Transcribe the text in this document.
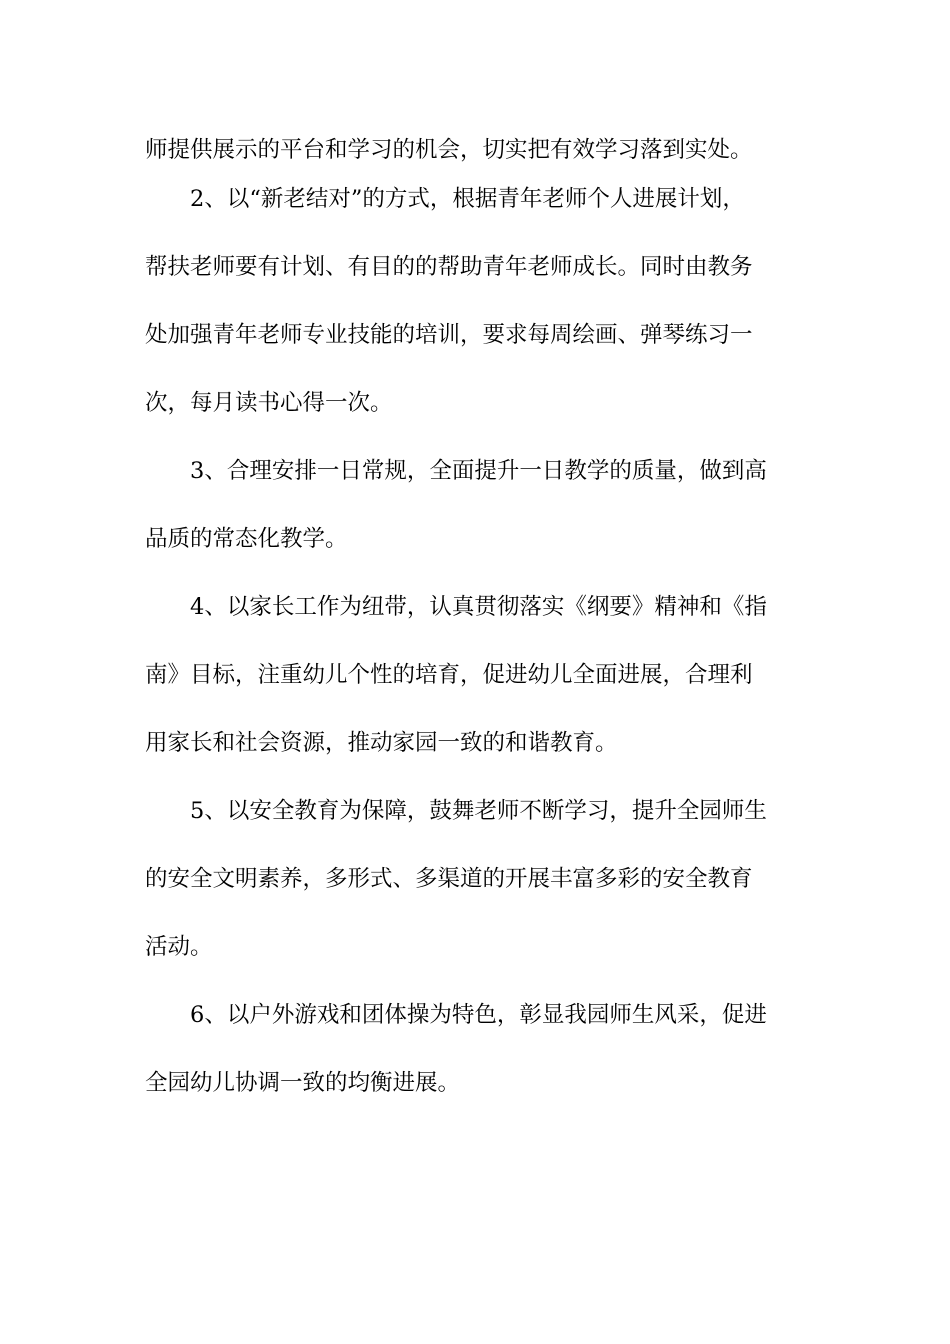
师提供展示的平台和学习的机会，切实把有效学习落到实处。
2、以“新老结对”的方式，根据青年老师个人进展计划，
帮扶老师要有计划、有目的的帮助青年老师成长。同时由教务
处加强青年老师专业技能的培训，要求每周绘画、弹琴练习一
次，每月读书心得一次。
3、合理安排一日常规，全面提升一日教学的质量，做到高
品质的常态化教学。
4、以家长工作为纽带，认真贯彻落实《纲要》精神和《指
南》目标，注重幼儿个性的培育，促进幼儿全面进展，合理利
用家长和社会资源，推动家园一致的和谐教育。
5、以安全教育为保障，鼓舞老师不断学习，提升全园师生
的安全文明素养，多形式、多渠道的开展丰富多彩的安全教育
活动。
6、以户外游戏和团体操为特色，彰显我园师生风采，促进
全园幼儿协调一致的均衡进展。
